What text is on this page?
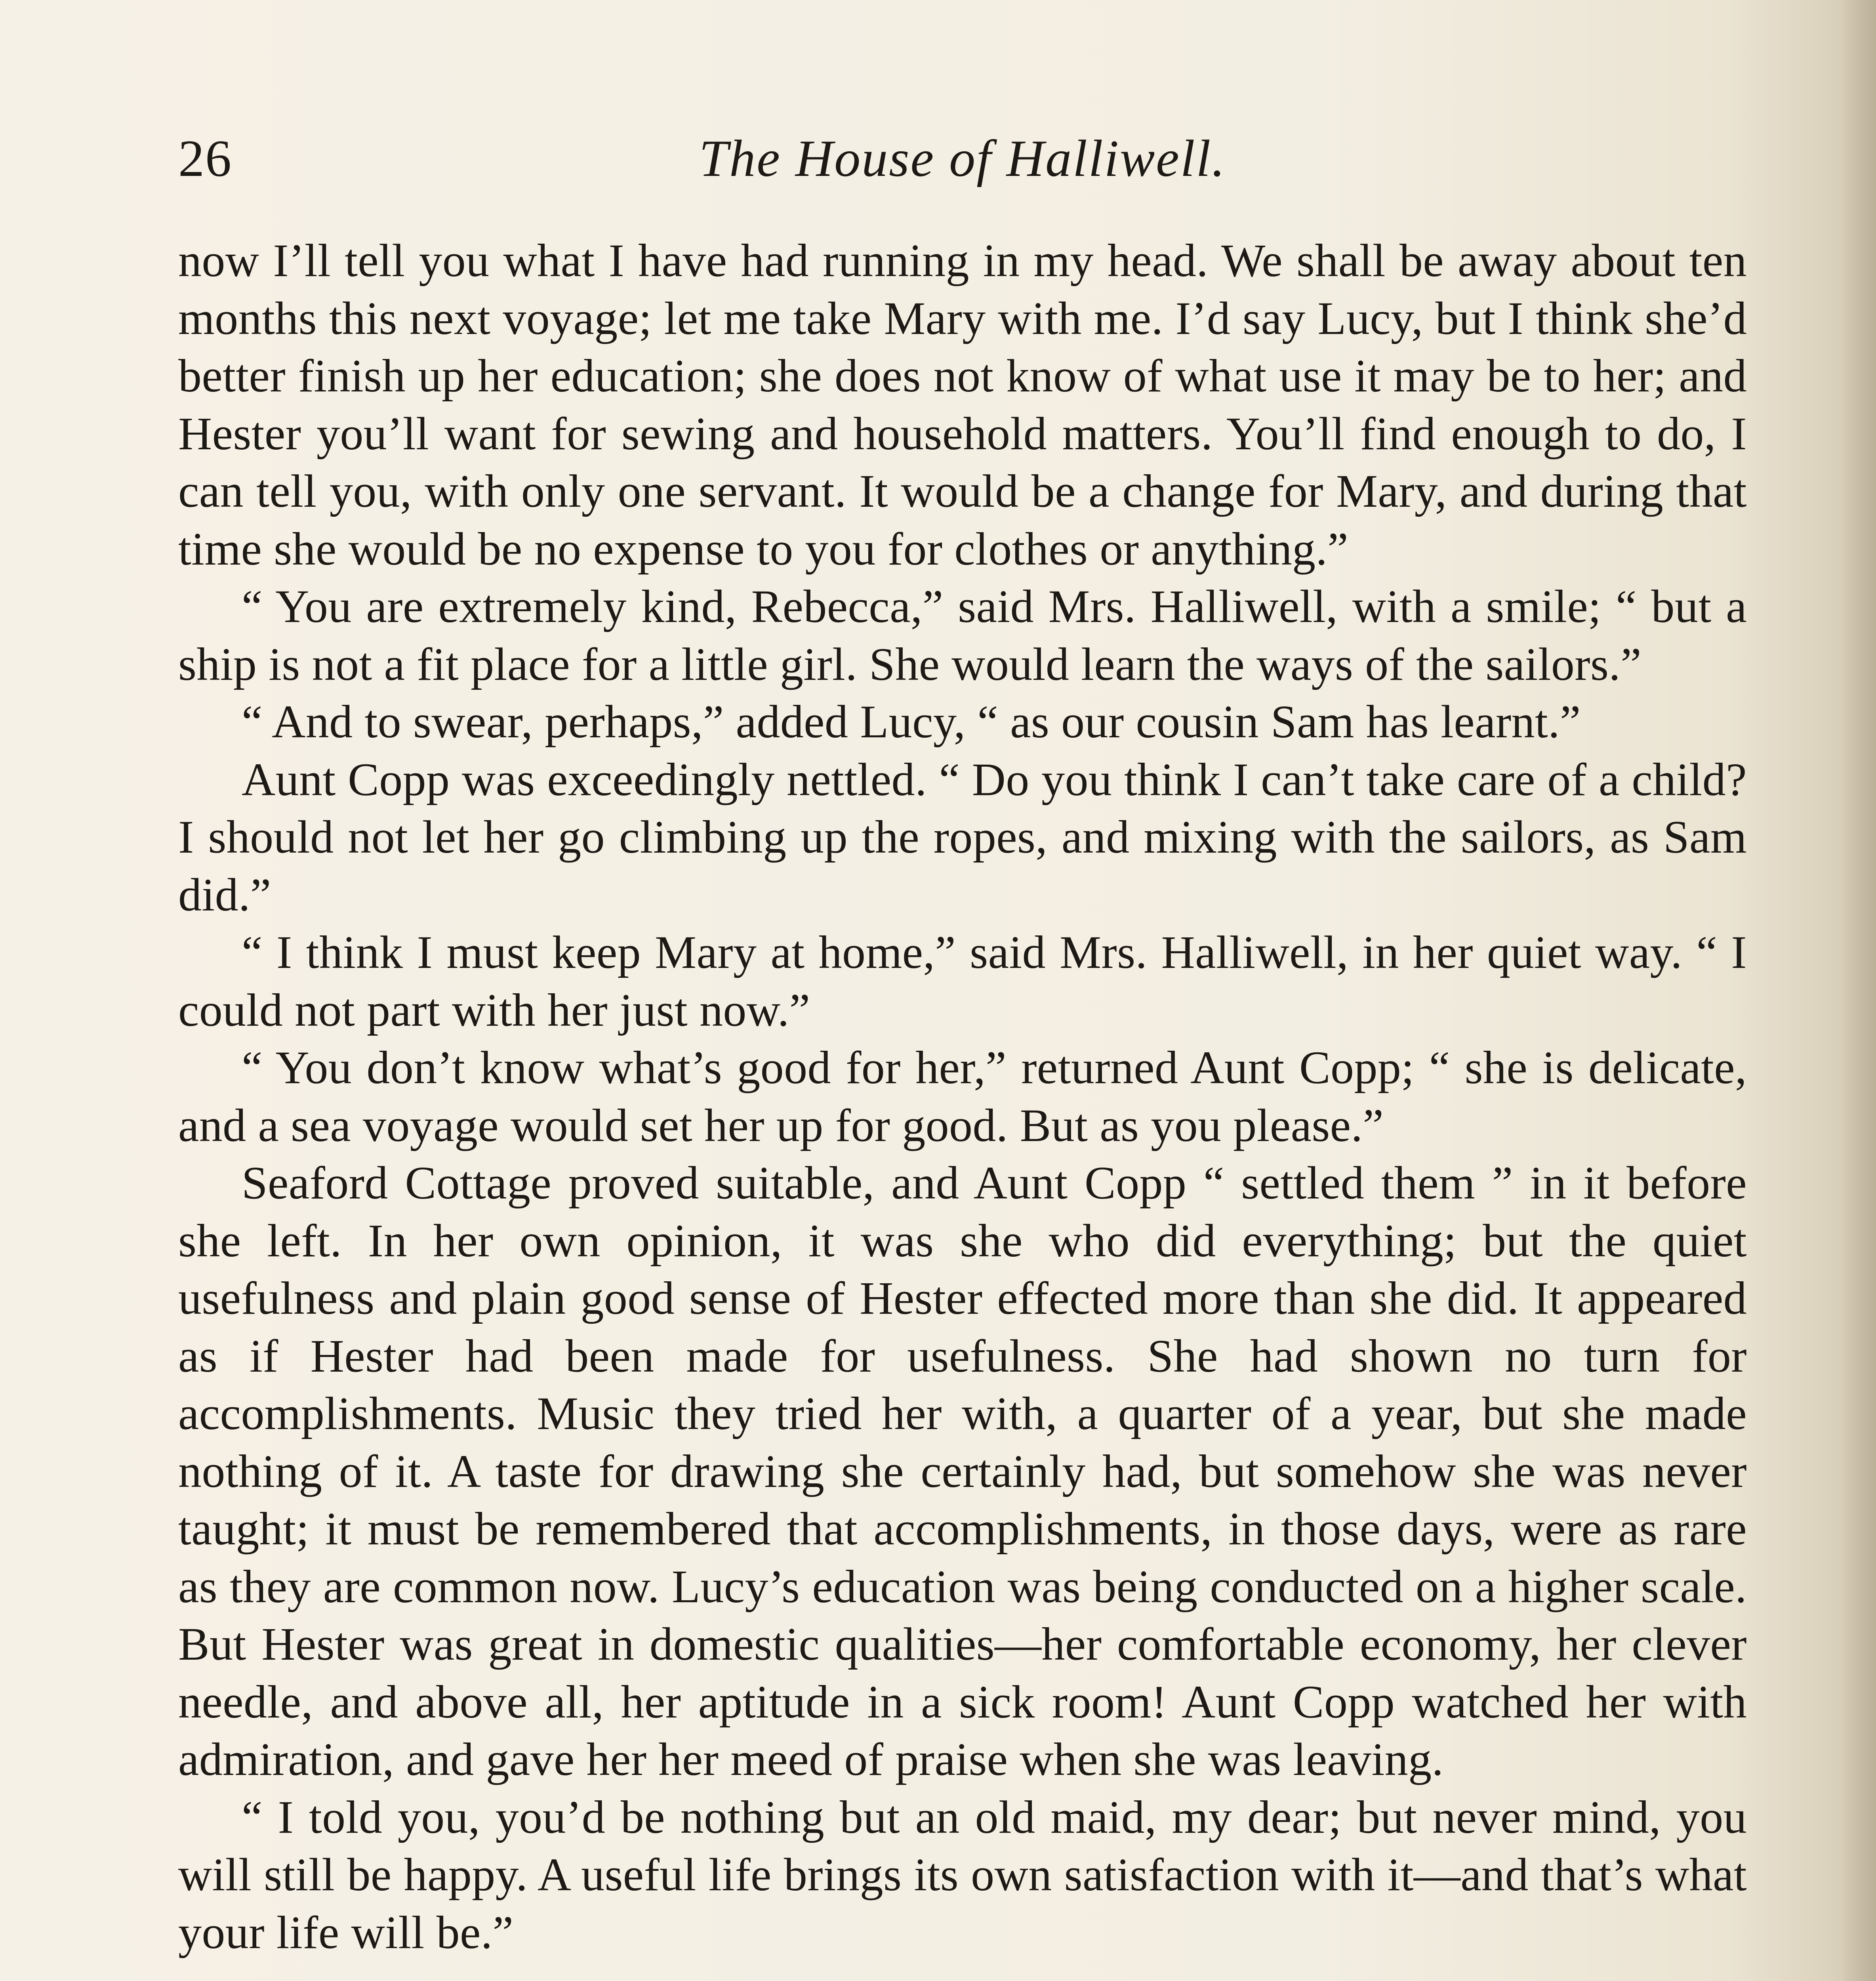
26	The House of Halliwell.

now I’ll tell you what I have had running in my head. We shall be away about ten months this next voyage; let me take Mary with me. I’d say Lucy, but I think she’d better finish up her education; she does not know of what use it may be to her; and Hester you’ll want for sewing and household matters. You’ll find enough to do, I can tell you, with only one servant. It would be a change for Mary, and during that time she would be no expense to you for clothes or anything.”

“ You are extremely kind, Rebecca,” said Mrs. Halliwell, with a smile; “ but a ship is not a fit place for a little girl. She would learn the ways of the sailors.”

“ And to swear, perhaps,” added Lucy, “ as our cousin Sam has learnt.”

Aunt Copp was exceedingly nettled. “ Do you think I can’t take care of a child? I should not let her go climbing up the ropes, and mixing with the sailors, as Sam did.”

“ I think I must keep Mary at home,” said Mrs. Halliwell, in her quiet way. “ I could not part with her just now.”

“ You don’t know what’s good for her,” returned Aunt Copp; “ she is delicate, and a sea voyage would set her up for good. But as you please.”

Seaford Cottage proved suitable, and Aunt Copp “ settled them ” in it before she left. In her own opinion, it was she who did everything; but the quiet usefulness and plain good sense of Hester effected more than she did. It appeared as if Hester had been made for usefulness. She had shown no turn for accomplishments. Music they tried her with, a quarter of a year, but she made nothing of it. A taste for drawing she certainly had, but somehow she was never taught; it must be remembered that accomplishments, in those days, were as rare as they are common now. Lucy’s education was being conducted on a higher scale. But Hester was great in domestic qualities—her comfortable economy, her clever needle, and above all, her aptitude in a sick room! Aunt Copp watched her with admiration, and gave her her meed of praise when she was leaving.

“ I told you, you’d be nothing but an old maid, my dear; but never mind, you will still be happy. A useful life brings its own satisfaction with it—and that’s what your life will be.”
